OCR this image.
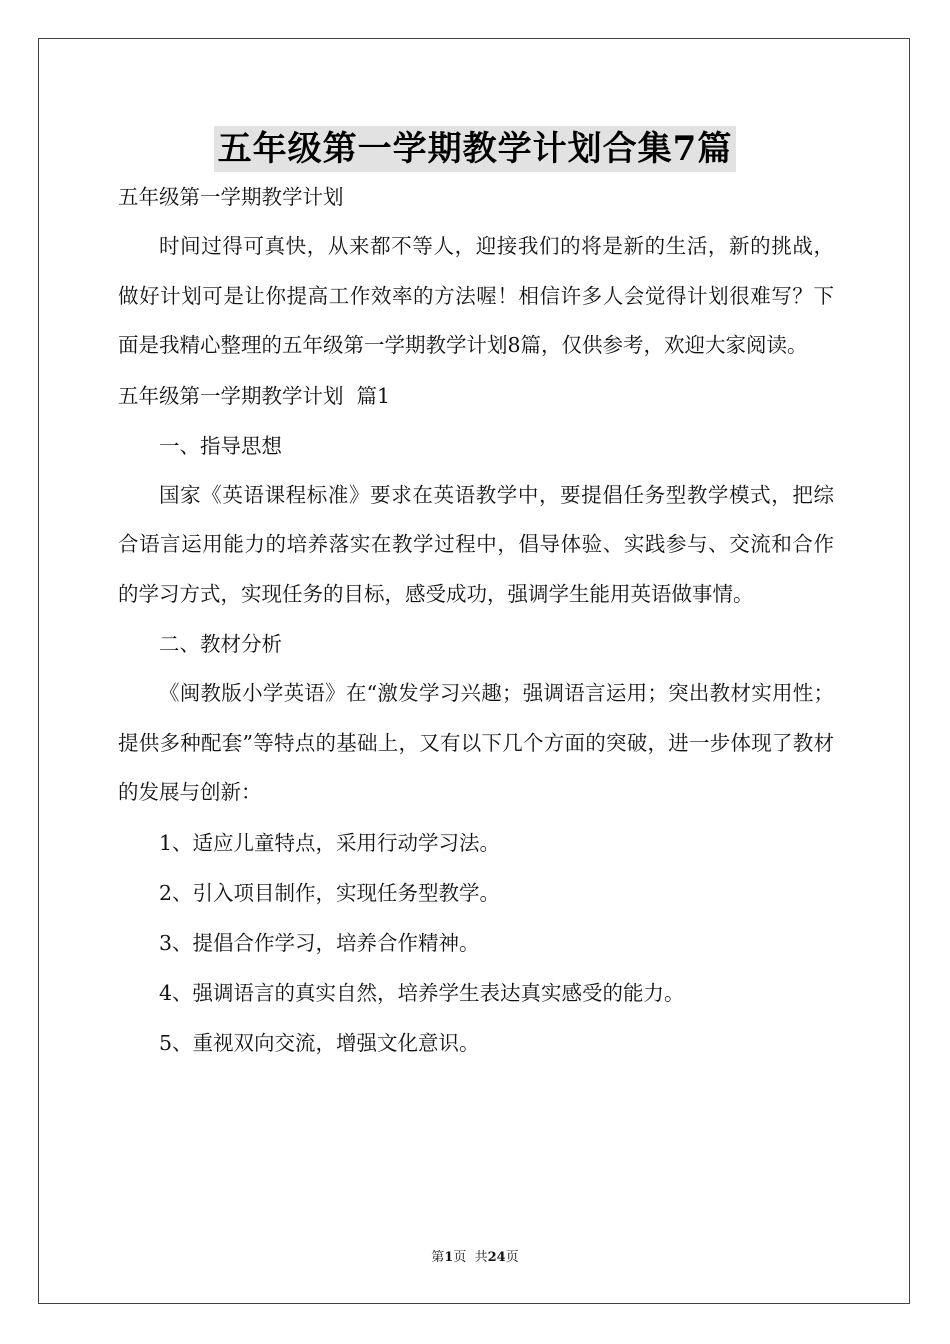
五年级第一学期教学计划合集7篇
五年级第一学期教学计划

时间过得可真快，从来都不等人，迎接我们的将是新的生活，新的挑战，做好计划可是让你提高工作效率的方法喔！相信许多人会觉得计划很难写？下面是我精心整理的五年级第一学期教学计划8篇，仅供参考，欢迎大家阅读。

五年级第一学期教学计划  篇1
一、指导思想

国家《英语课程标准》要求在英语教学中，要提倡任务型教学模式，把综合语言运用能力的培养落实在教学过程中，倡导体验、实践参与、交流和合作的学习方式，实现任务的目标，感受成功，强调学生能用英语做事情。

二、教材分析

《闽教版小学英语》在“激发学习兴趣；强调语言运用；突出教材实用性；提供多种配套”等特点的基础上，又有以下几个方面的突破，进一步体现了教材的发展与创新：

1、适应儿童特点，采用行动学习法。
2、引入项目制作，实现任务型教学。
3、提倡合作学习，培养合作精神。
4、强调语言的真实自然，培养学生表达真实感受的能力。
5、重视双向交流，增强文化意识。
第1页  共24页
